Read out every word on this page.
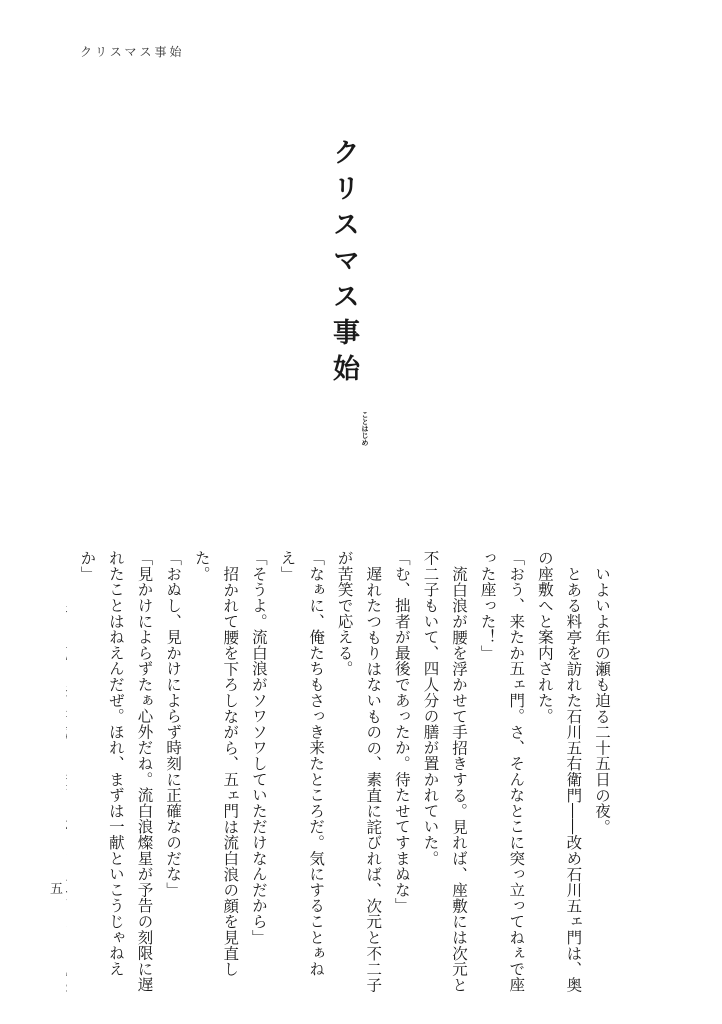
クリスマス事始
クリスマス事始
ことはじめ
五

いよいよ年の瀬も迫る二十五日の夜。

とある料亭を訪れた石川五右衛門――改め石川五ェ門は、奥の座敷へと案内された。

「おう、来たか五ェ門。さ、そんなとこに突っ立ってねぇで座った座った！」

流白浪が腰を浮かせて手招きする。見れば、座敷には次元と不二子もいて、四人分の膳が置かれていた。

「む、拙者が最後であったか。待たせてすまぬな」

遅れたつもりはないものの、素直に詫びれば、次元と不二子が苦笑で応える。

「なぁに、俺たちもさっき来たところだ。気にすることぁねえ」

「そうよ。流白浪がソワソワしていただけなんだから」

招かれて腰を下ろしながら、五ェ門は流白浪の顔を見直した。

「おぬし、見かけによらず時刻に正確なのだな」

「見かけによらずたぁ心外だね。流白浪燦星が予告の刻限に遅れたことはねえんだぜ。ほれ、まずは一献といこうじゃねえか」
